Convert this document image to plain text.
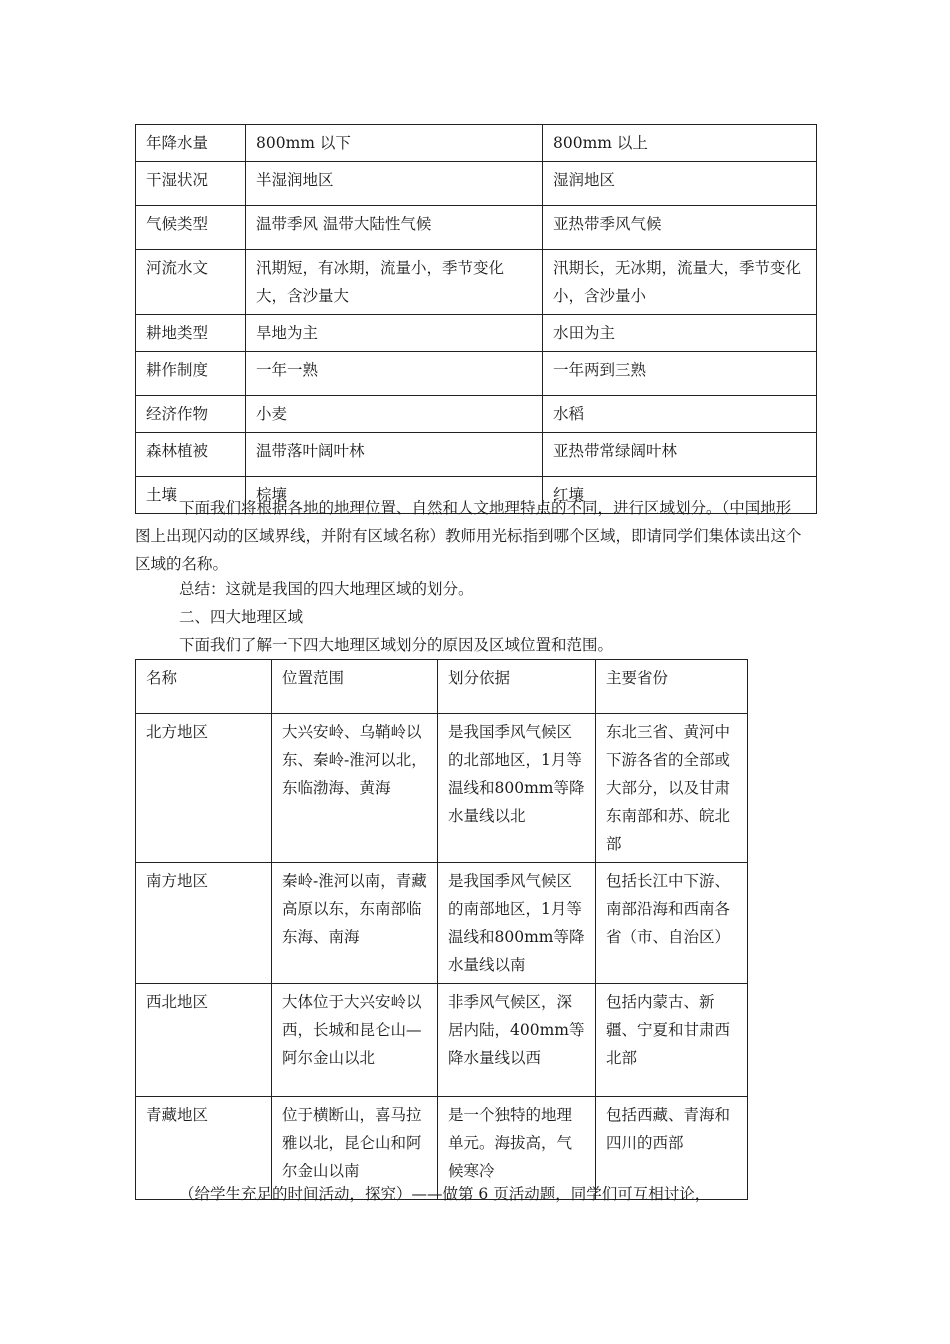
年降水量	800mm 以下	800mm 以上
干湿状况	半湿润地区	湿润地区
气候类型	温带季风 温带大陆性气候	亚热带季风气候
河流水文	汛期短，有冰期，流量小，季节变化大，含沙量大	汛期长，无冰期，流量大，季节变化小，含沙量小
耕地类型	旱地为主	水田为主
耕作制度	一年一熟	一年两到三熟
经济作物	小麦	水稻
森林植被	温带落叶阔叶林	亚热带常绿阔叶林
土壤	棕壤	红壤

下面我们将根据各地的地理位置、自然和人文地理特点的不同，进行区域划分。（中国地形图上出现闪动的区域界线，并附有区域名称）教师用光标指到哪个区域，即请同学们集体读出这个区域的名称。

总结：这就是我国的四大地理区域的划分。

二、四大地理区域

下面我们了解一下四大地理区域划分的原因及区域位置和范围。

名称	位置范围	划分依据	主要省份
北方地区	大兴安岭、乌鞘岭以东、秦岭-淮河以北，东临渤海、黄海	是我国季风气候区的北部地区，1月等温线和800mm等降水量线以北	东北三省、黄河中下游各省的全部或大部分，以及甘肃东南部和苏、皖北部
南方地区	秦岭-淮河以南，青藏高原以东，东南部临东海、南海	是我国季风气候区的南部地区，1月等温线和800mm等降水量线以南	包括长江中下游、南部沿海和西南各省（市、自治区）
西北地区	大体位于大兴安岭以西，长城和昆仑山—阿尔金山以北	非季风气候区，深居内陆，400mm等降水量线以西	包括内蒙古、新疆、宁夏和甘肃西北部
青藏地区	位于横断山，喜马拉雅以北，昆仑山和阿尔金山以南	是一个独特的地理单元。海拔高，气候寒冷	包括西藏、青海和 四川的西部

（给学生充足的时间活动，探究）——做第 6 页活动题，同学们可互相讨论，
